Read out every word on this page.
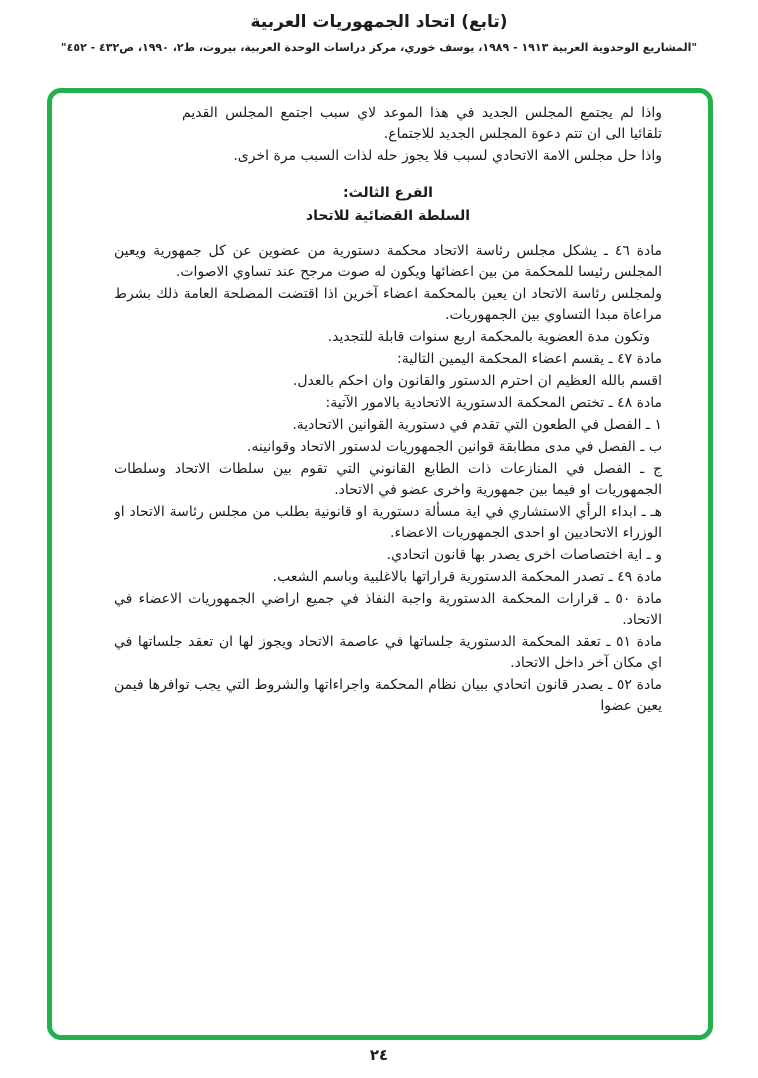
(تابع) اتحاد الجمهوريات العربية
"المشاريع الوحدوية العربية ١٩١٣ - ١٩٨٩، يوسف خوري، مركز دراسات الوحدة العربية، بيروت، ط٢، ١٩٩٠، ص٤٣٢ - ٤٥٢"

واذا لم يجتمع المجلس الجديد في هذا الموعد لاي سبب اجتمع المجلس القديم تلقائيا الى ان تتم دعوة المجلس الجديد للاجتماع.

واذا حل مجلس الامة الاتحادي لسبب فلا يجوز حله لذات السبب مرة اخرى.

الفرع الثالث:
السلطة القضائية للاتحاد

مادة ٤٦ ـ يشكل مجلس رئاسة الاتحاد محكمة دستورية من عضوين عن كل جمهورية ويعين المجلس رئيسا للمحكمة من بين اعضائها ويكون له صوت مرجح عند تساوي الاصوات.

ولمجلس رئاسة الاتحاد ان يعين بالمحكمة اعضاء آخرين اذا اقتضت المصلحة العامة ذلك بشرط مراعاة مبدا التساوي بين الجمهوريات.

وتكون مدة العضوية بالمحكمة اربع سنوات قابلة للتجديد.

مادة ٤٧ ـ يقسم اعضاء المحكمة اليمين التالية:

اقسم بالله العظيم ان احترم الدستور والقانون وان احكم بالعدل.

مادة ٤٨ ـ تختص المحكمة الدستورية الاتحادية بالامور الآتية:

١ ـ الفصل في الطعون التي تقدم في دستورية القوانين الاتحادية.

ب ـ الفصل في مدى مطابقة قوانين الجمهوريات لدستور الاتحاد وقوانينه.

ج ـ الفصل في المنازعات ذات الطابع القانوني التي تقوم بين سلطات الاتحاد وسلطات الجمهوريات او فيما بين جمهورية واخرى عضو في الاتحاد.

هـ ـ ابداء الرأي الاستشاري في اية مسألة دستورية او قانونية بطلب من مجلس رئاسة الاتحاد او الوزراء الاتحاديين او احدى الجمهوريات الاعضاء.

و ـ اية اختصاصات اخرى يصدر بها قانون اتحادي.

مادة ٤٩ ـ تصدر المحكمة الدستورية قراراتها بالاغلبية وباسم الشعب.

مادة ٥٠ ـ قرارات المحكمة الدستورية واجبة النفاذ في جميع اراضي الجمهوريات الاعضاء في الاتحاد.

مادة ٥١ ـ تعقد المحكمة الدستورية جلساتها في عاصمة الاتحاد ويجوز لها ان تعقد جلساتها في اي مكان آخر داخل الاتحاد.

مادة ٥٢ ـ يصدر قانون اتحادي ببيان نظام المحكمة واجراءاتها والشروط التي يجب توافرها فيمن يعين عضوا

٢٤
